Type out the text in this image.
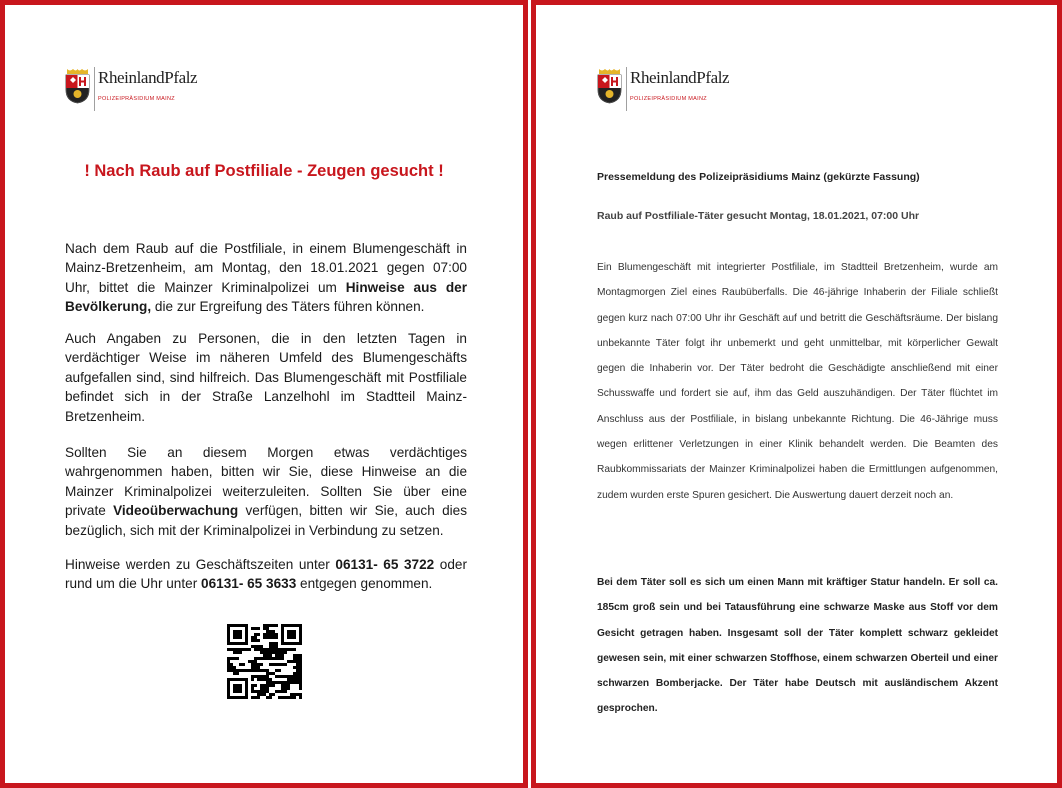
RheinlandPfalz
POLIZEIPRÄSIDIUM MAINZ
! Nach Raub auf Postfiliale - Zeugen gesucht !

Nach dem Raub auf die Postfiliale, in einem Blumengeschäft in Mainz-Bretzenheim, am Montag, den 18.01.2021 gegen 07:00 Uhr, bittet die Mainzer Kriminalpolizei um Hinweise aus der Bevölkerung, die zur Ergreifung des Täters führen können.

Auch Angaben zu Personen, die in den letzten Tagen in verdächtiger Weise im näheren Umfeld des Blumengeschäfts aufgefallen sind, sind hilfreich. Das Blumengeschäft mit Postfiliale befindet sich in der Straße Lanzelhohl im Stadtteil Mainz-Bretzenheim.

Sollten Sie an diesem Morgen etwas verdächtiges wahrgenommen haben, bitten wir Sie, diese Hinweise an die Mainzer Kriminalpolizei weiterzuleiten. Sollten Sie über eine private Videoüberwachung verfügen, bitten wir Sie, auch dies bezüglich, sich mit der Kriminalpolizei in Verbindung zu setzen.

Hinweise werden zu Geschäftszeiten unter 06131- 65 3722 oder rund um die Uhr unter 06131- 65 3633 entgegen genommen.

RheinlandPfalz
POLIZEIPRÄSIDIUM MAINZ

Pressemeldung des Polizeipräsidiums Mainz (gekürzte Fassung)

Raub auf Postfiliale-Täter gesucht Montag, 18.01.2021, 07:00 Uhr

Ein Blumengeschäft mit integrierter Postfiliale, im Stadtteil Bretzenheim, wurde am Montagmorgen Ziel eines Raubüberfalls. Die 46-jährige Inhaberin der Filiale schließt gegen kurz nach 07:00 Uhr ihr Geschäft auf und betritt die Geschäftsräume. Der bislang unbekannte Täter folgt ihr unbemerkt und geht unmittelbar, mit körperlicher Gewalt gegen die Inhaberin vor. Der Täter bedroht die Geschädigte anschließend mit einer Schusswaffe und fordert sie auf, ihm das Geld auszuhändigen. Der Täter flüchtet im Anschluss aus der Postfiliale, in bislang unbekannte Richtung. Die 46-Jährige muss wegen erlittener Verletzungen in einer Klinik behandelt werden. Die Beamten des Raubkommissariats der Mainzer Kriminalpolizei haben die Ermittlungen aufgenommen, zudem wurden erste Spuren gesichert. Die Auswertung dauert derzeit noch an.

Bei dem Täter soll es sich um einen Mann mit kräftiger Statur handeln. Er soll ca. 185cm groß sein und bei Tatausführung eine schwarze Maske aus Stoff vor dem Gesicht getragen haben. Insgesamt soll der Täter komplett schwarz gekleidet gewesen sein, mit einer schwarzen Stoffhose, einem schwarzen Oberteil und einer schwarzen Bomberjacke. Der Täter habe Deutsch mit ausländischem Akzent gesprochen.
